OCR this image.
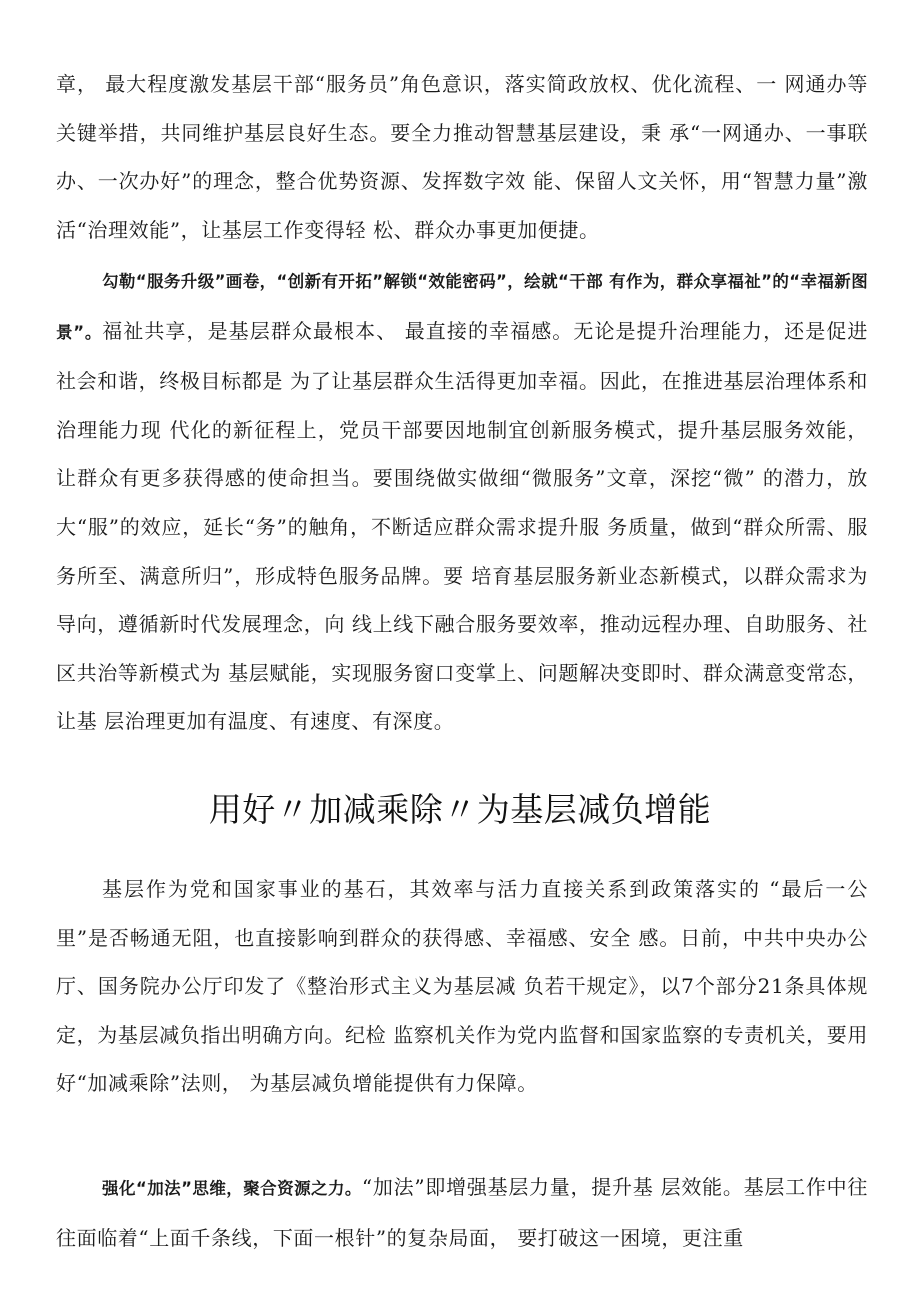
章， 最大程度激发基层干部“服务员”角色意识，落实简政放权、优化流程、一 网通办等关键举措，共同维护基层良好生态。要全力推动智慧基层建设，秉 承“一网通办、一事联办、一次办好”的理念，整合优势资源、发挥数字效 能、保留人文关怀，用“智慧力量”激活“治理效能”，让基层工作变得轻 松、群众办事更加便捷。

勾勒“服务升级”画卷，“创新有开拓”解锁“效能密码”，绘就“干部 有作为，群众享福祉”的“幸福新图景”。福祉共享，是基层群众最根本、 最直接的幸福感。无论是提升治理能力，还是促进社会和谐，终极目标都是 为了让基层群众生活得更加幸福。因此，在推进基层治理体系和治理能力现 代化的新征程上，党员干部要因地制宜创新服务模式，提升基层服务效能， 让群众有更多获得感的使命担当。要围绕做实做细“微服务”文章，深挖“微” 的潜力，放大“服”的效应，延长“务”的触角，不断适应群众需求提升服 务质量，做到“群众所需、服务所至、满意所归”，形成特色服务品牌。要 培育基层服务新业态新模式，以群众需求为导向，遵循新时代发展理念，向 线上线下融合服务要效率，推动远程办理、自助服务、社区共治等新模式为 基层赋能，实现服务窗口变掌上、问题解决变即时、群众满意变常态，让基 层治理更加有温度、有速度、有深度。

用好〃加减乘除〃为基层减负增能

基层作为党和国家事业的基石，其效率与活力直接关系到政策落实的 “最后一公里”是否畅通无阻，也直接影响到群众的获得感、幸福感、安全 感。日前，中共中央办公厅、国务院办公厅印发了《整治形式主义为基层减 负若干规定》，以7个部分21条具体规定，为基层减负指出明确方向。纪检 监察机关作为党内监督和国家监察的专责机关，要用好“加减乘除”法则， 为基层减负增能提供有力保障。

强化“加法”思维，聚合资源之力。“加法”即增强基层力量，提升基 层效能。基层工作中往往面临着“上面千条线，下面一根针”的复杂局面， 要打破这一困境，更注重
